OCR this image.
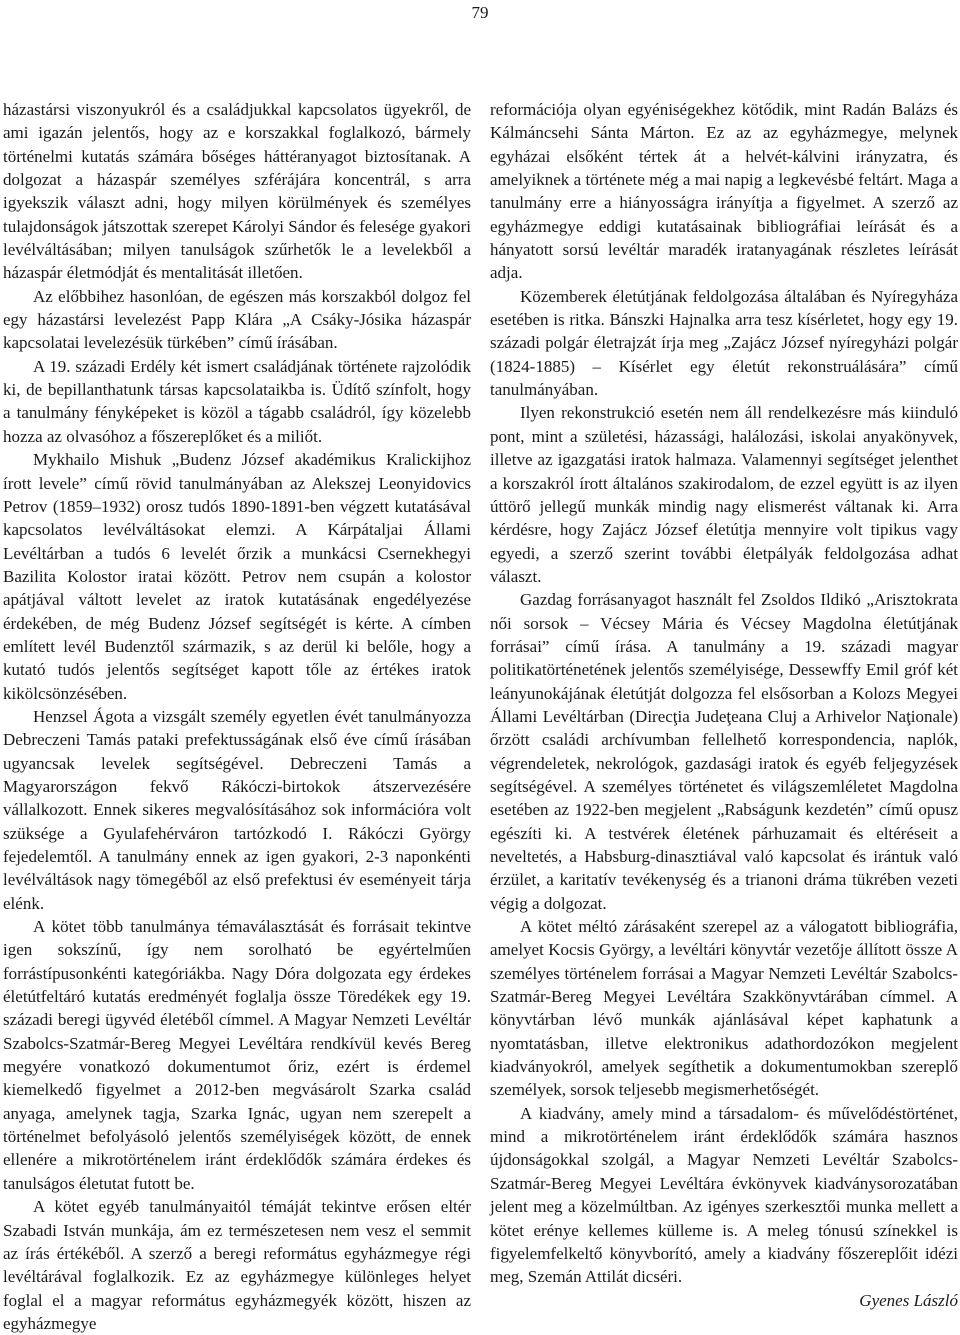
79

házastársi viszonyukról és a családjukkal kapcsolatos ügyekről, de ami igazán jelentős, hogy az e korszakkal foglalkozó, bármely történelmi kutatás számára bőséges háttéranyagot biztosítanak. A dolgozat a házaspár személyes szférájára koncentrál, s arra igyekszik választ adni, hogy milyen körülmények és személyes tulajdonságok játszottak szerepet Károlyi Sándor és felesége gyakori levélváltásában; milyen tanulságok szűrhetők le a levelekből a házaspár életmódját és mentalitását illetően.

Az előbbihez hasonlóan, de egészen más korszakból dolgoz fel egy házastársi levelezést Papp Klára „A Csáky-Jósika házaspár kapcsolatai levelezésük türkében” című írásában.

A 19. századi Erdély két ismert családjának története rajzolódik ki, de bepillanthatunk társas kapcsolataikba is. Üdítő színfolt, hogy a tanulmány fényképeket is közöl a tágabb családról, így közelebb hozza az olvasóhoz a főszereplőket és a miliőt.

Mykhailo Mishuk „Budenz József akadémikus Kralickijhoz írott levele” című rövid tanulmányában az Alekszej Leonyidovics Petrov (1859–1932) orosz tudós 1890-1891-ben végzett kutatásával kapcsolatos levélváltásokat elemzi. A Kárpátaljai Állami Levéltárban a tudós 6 levelét őrzik a munkácsi Csernekhegyi Bazilita Kolostor iratai között. Petrov nem csupán a kolostor apátjával váltott levelet az iratok kutatásának engedélyezése érdekében, de még Budenz József segítségét is kérte. A címben említett levél Budenztől származik, s az derül ki belőle, hogy a kutató tudós jelentős segítséget kapott tőle az értékes iratok kikölcsönzésében.

Henzsel Ágota a vizsgált személy egyetlen évét tanulmányozza Debreczeni Tamás pataki prefektusságának első éve című írásában ugyancsak levelek segítségével. Debreczeni Tamás a Magyarországon fekvő Rákóczi-birtokok átszervezésére vállalkozott. Ennek sikeres megvalósításához sok információra volt szüksége a Gyulafehérváron tartózkodó I. Rákóczi György fejedelemtől. A tanulmány ennek az igen gyakori, 2-3 naponkénti levélváltások nagy tömegéből az első prefektusi év eseményeit tárja elénk.

A kötet több tanulmánya témaválasztását és forrásait tekintve igen sokszínű, így nem sorolható be egyértelműen forrástípusonkénti kategóriákba. Nagy Dóra dolgozata egy érdekes életútfeltáró kutatás eredményét foglalja össze Töredékek egy 19. századi beregi ügyvéd életéből címmel. A Magyar Nemzeti Levéltár Szabolcs-Szatmár-Bereg Megyei Levéltára rendkívül kevés Bereg megyére vonatkozó dokumentumot őriz, ezért is érdemel kiemelkedő figyelmet a 2012-ben megvásárolt Szarka család anyaga, amelynek tagja, Szarka Ignác, ugyan nem szerepelt a történelmet befolyásoló jelentős személyiségek között, de ennek ellenére a mikrotörténelem iránt érdeklődők számára érdekes és tanulságos életutat futott be.

A kötet egyéb tanulmányaitól témáját tekintve erősen eltér Szabadi István munkája, ám ez természetesen nem vesz el semmit az írás értékéből. A szerző a beregi református egyházmegye régi levéltárával foglalkozik. Ez az egyházmegye különleges helyet foglal el a magyar református egyházmegyék között, hiszen az egyházmegye

reformációja olyan egyéniségekhez kötődik, mint Radán Balázs és Kálmáncsehi Sánta Márton. Ez az az egyházmegye, melynek egyházai elsőként tértek át a helvét-kálvini irányzatra, és amelyiknek a története még a mai napig a legkevésbé feltárt. Maga a tanulmány erre a hiányosságra irányítja a figyelmet. A szerző az egyházmegye eddigi kutatásainak bibliográfiai leírását és a hányatott sorsú levéltár maradék iratanyagának részletes leírását adja.

Közemberek életútjának feldolgozása általában és Nyíregyháza esetében is ritka. Bánszki Hajnalka arra tesz kísérletet, hogy egy 19. századi polgár életrajzát írja meg „Zajácz József nyíregyházi polgár (1824-1885) – Kísérlet egy életút rekonstruálására” című tanulmányában.

Ilyen rekonstrukció esetén nem áll rendelkezésre más kiinduló pont, mint a születési, házassági, halálozási, iskolai anyakönyvek, illetve az igazgatási iratok halmaza. Valamennyi segítséget jelenthet a korszakról írott általános szakirodalom, de ezzel együtt is az ilyen úttörő jellegű munkák mindig nagy elismerést váltanak ki. Arra kérdésre, hogy Zajácz József életútja mennyire volt tipikus vagy egyedi, a szerző szerint további életpályák feldolgozása adhat választ.

Gazdag forrásanyagot használt fel Zsoldos Ildikó „Arisztokrata női sorsok – Vécsey Mária és Vécsey Magdolna életútjának forrásai” című írása. A tanulmány a 19. századi magyar politikatörténetének jelentős személyisége, Dessewffy Emil gróf két leányunokájának életútját dolgozza fel elsősorban a Kolozs Megyei Állami Levéltárban (Direcţia Judeţeana Cluj a Arhivelor Naţionale) őrzött családi archívumban fellelhető korrespondencia, naplók, végrendeletek, nekrológok, gazdasági iratok és egyéb feljegyzések segítségével. A személyes történetet és világszemléletet Magdolna esetében az 1922-ben megjelent „Rabságunk kezdetén” című opusz egészíti ki. A testvérek életének párhuzamait és eltéréseit a neveltetés, a Habsburg-dinasztiával való kapcsolat és irántuk való érzület, a karitatív tevékenység és a trianoni dráma tükrében vezeti végig a dolgozat.

A kötet méltó zárásaként szerepel az a válogatott bibliográfia, amelyet Kocsis György, a levéltári könyvtár vezetője állított össze A személyes történelem forrásai a Magyar Nemzeti Levéltár Szabolcs-Szatmár-Bereg Megyei Levéltára Szakkönyvtárában címmel. A könyvtárban lévő munkák ajánlásával képet kaphatunk a nyomtatásban, illetve elektronikus adathordozókon megjelent kiadványokról, amelyek segíthetik a dokumentumokban szereplő személyek, sorsok teljesebb megismerhetőségét.

A kiadvány, amely mind a társadalom- és művelődéstörténet, mind a mikrotörténelem iránt érdeklődők számára hasznos újdonságokkal szolgál, a Magyar Nemzeti Levéltár Szabolcs-Szatmár-Bereg Megyei Levéltára évkönyvek kiadványsorozatában jelent meg a közelmúltban. Az igényes szerkesztői munka mellett a kötet erénye kellemes külleme is. A meleg tónusú színekkel is figyelemfelkeltő könyvborító, amely a kiadvány főszereplőit idézi meg, Szemán Attilát dicséri.

Gyenes László
